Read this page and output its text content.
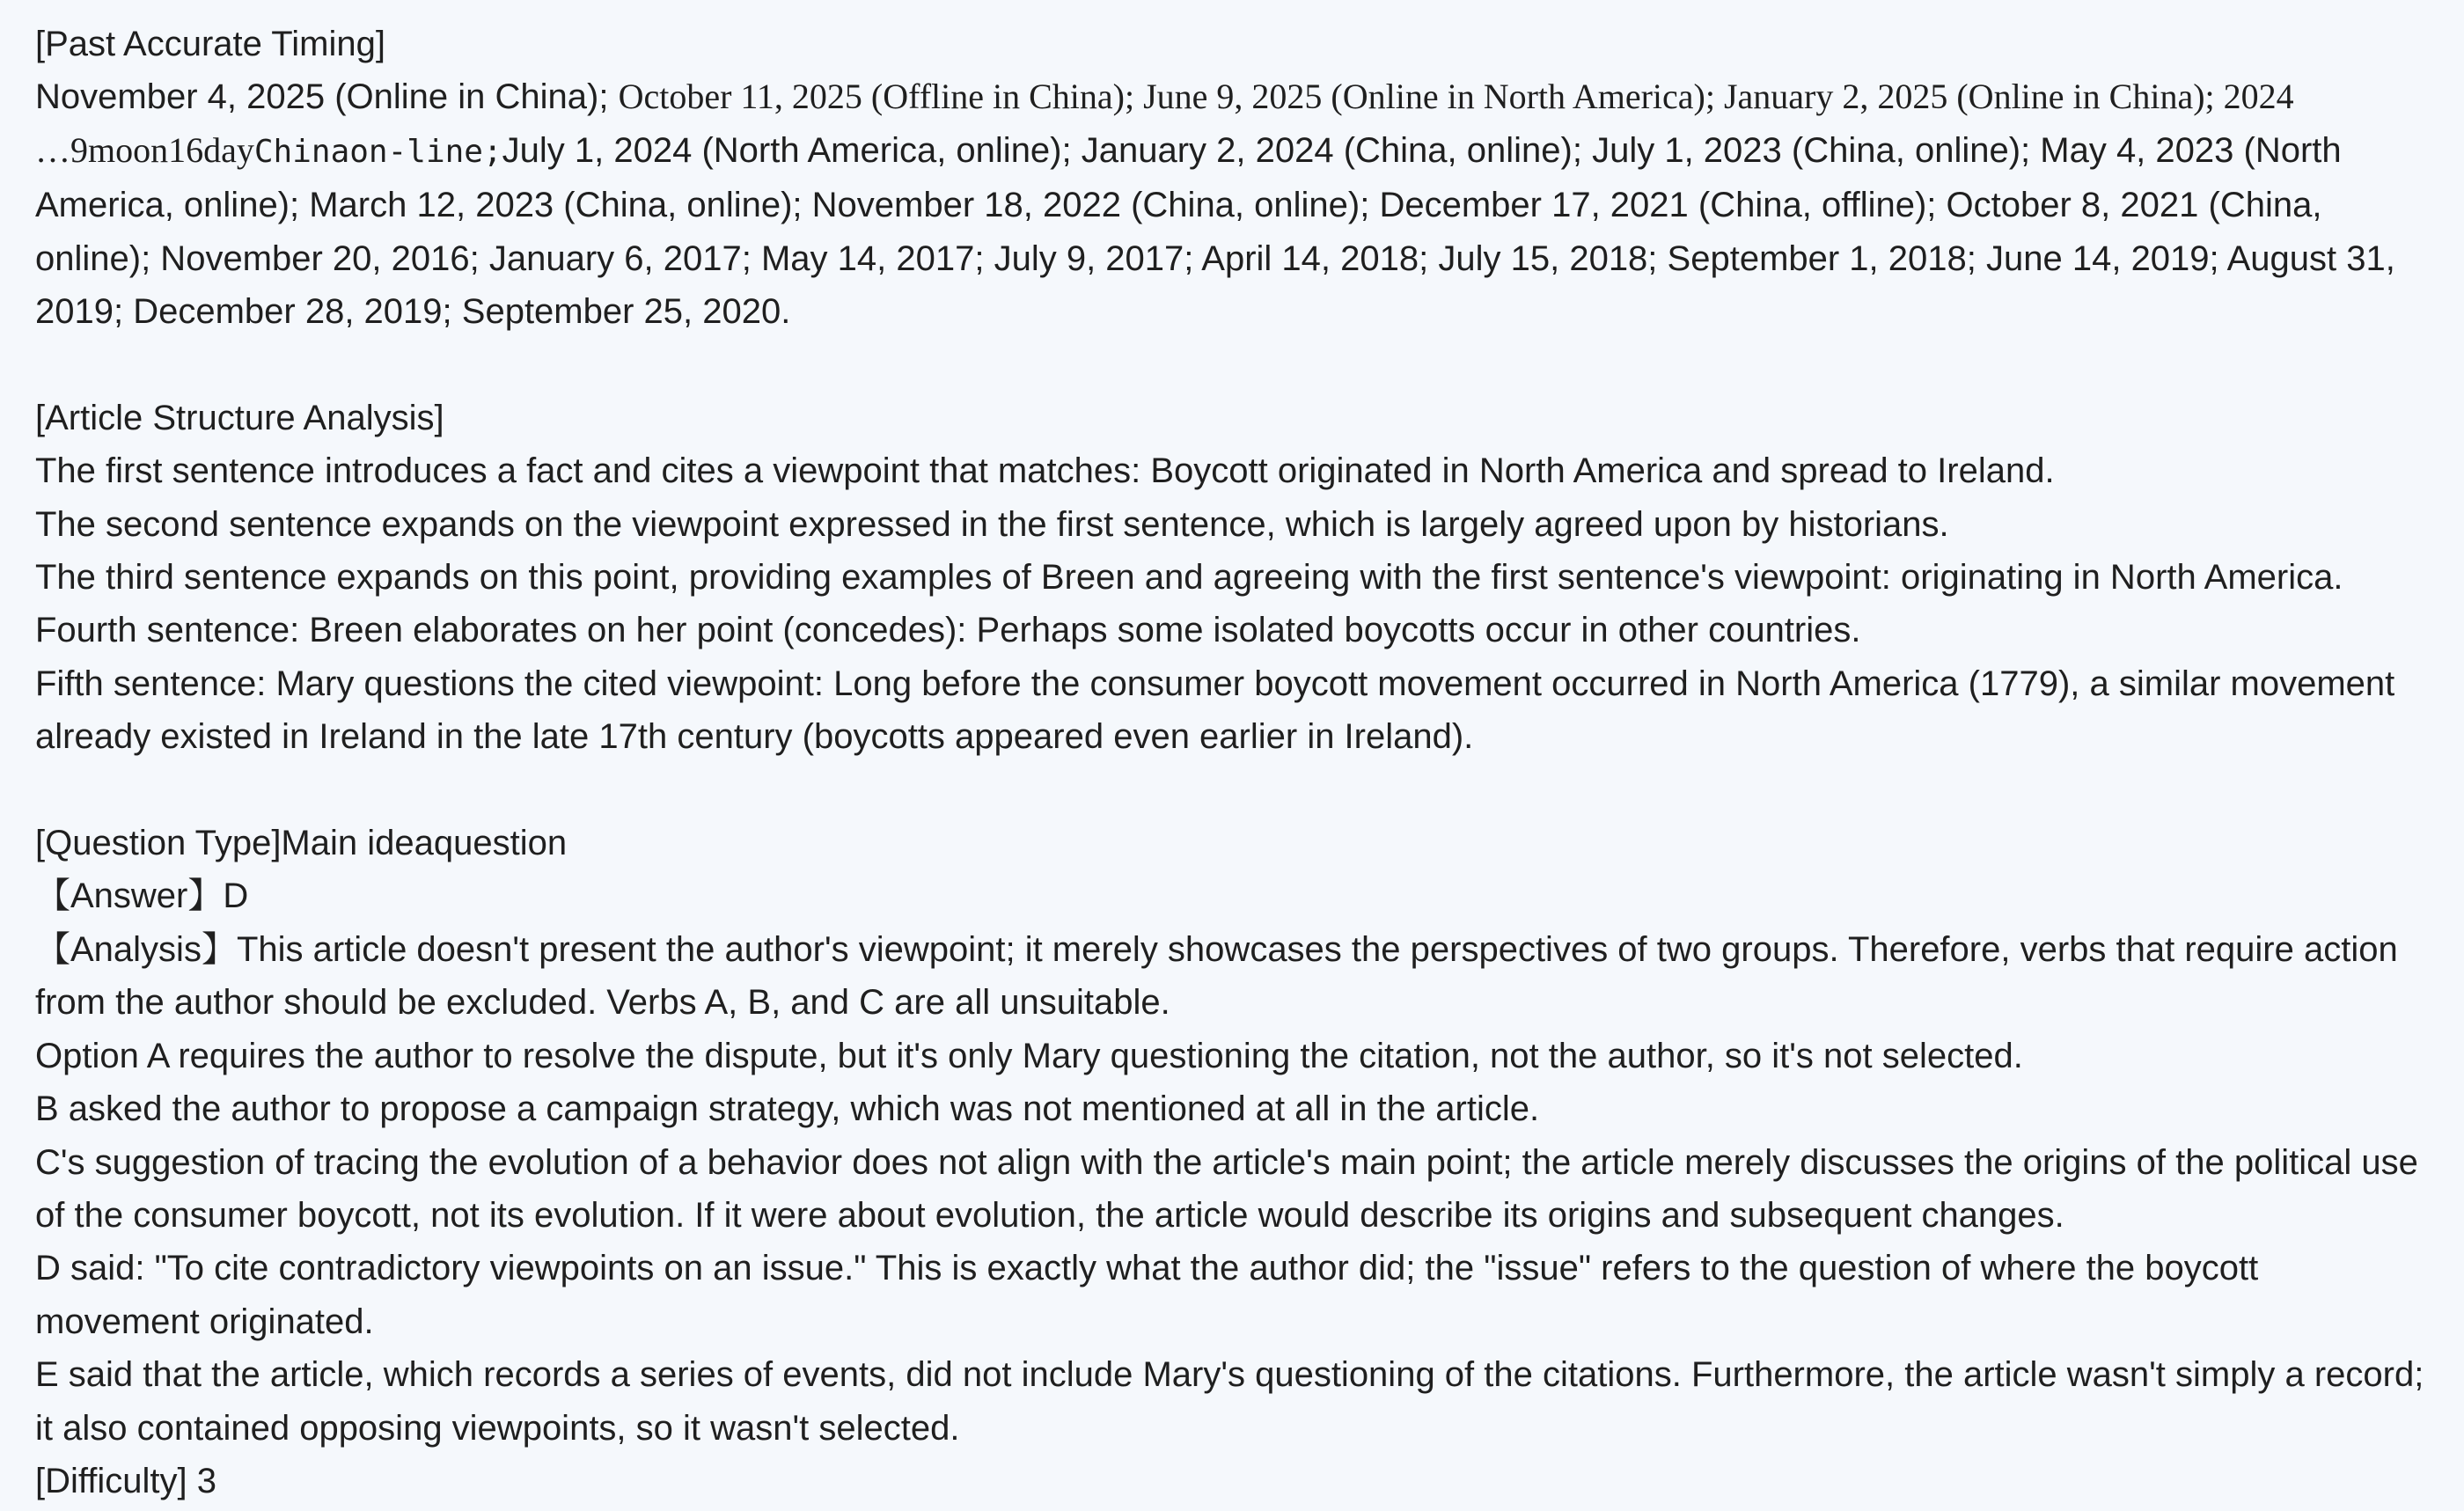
[Past Accurate Timing]
November 4, 2025 (Online in China); October 11, 2025 (Offline in China); June 9, 2025 (Online in North America); January 2, 2025 (Online in China); 2024
…9moon16dayChinaon-line;July 1, 2024 (North America, online); January 2, 2024 (China, online); July 1, 2023 (China, online); May 4, 2023 (North America, online); March 12, 2023 (China, online); November 18, 2022 (China, online); December 17, 2021 (China, offline); October 8, 2021 (China, online); November 20, 2016; January 6, 2017; May 14, 2017; July 9, 2017; April 14, 2018; July 15, 2018; September 1, 2018; June 14, 2019; August 31, 2019; December 28, 2019; September 25, 2020.
[Article Structure Analysis]
The first sentence introduces a fact and cites a viewpoint that matches: Boycott originated in North America and spread to Ireland.
The second sentence expands on the viewpoint expressed in the first sentence, which is largely agreed upon by historians.
The third sentence expands on this point, providing examples of Breen and agreeing with the first sentence's viewpoint: originating in North America.
Fourth sentence: Breen elaborates on her point (concedes): Perhaps some isolated boycotts occur in other countries.
Fifth sentence: Mary questions the cited viewpoint: Long before the consumer boycott movement occurred in North America (1779), a similar movement already existed in Ireland in the late 17th century (boycotts appeared even earlier in Ireland).
[Question Type]Main ideaquestion
【Answer】D
【Analysis】This article doesn't present the author's viewpoint; it merely showcases the perspectives of two groups. Therefore, verbs that require action from the author should be excluded. Verbs A, B, and C are all unsuitable.
Option A requires the author to resolve the dispute, but it's only Mary questioning the citation, not the author, so it's not selected.
B asked the author to propose a campaign strategy, which was not mentioned at all in the article.
C's suggestion of tracing the evolution of a behavior does not align with the article's main point; the article merely discusses the origins of the political use of the consumer boycott, not its evolution. If it were about evolution, the article would describe its origins and subsequent changes.
D said: "To cite contradictory viewpoints on an issue." This is exactly what the author did; the "issue" refers to the question of where the boycott movement originated.
E said that the article, which records a series of events, did not include Mary's questioning of the citations. Furthermore, the article wasn't simply a record; it also contained opposing viewpoints, so it wasn't selected.
[Difficulty] 3
